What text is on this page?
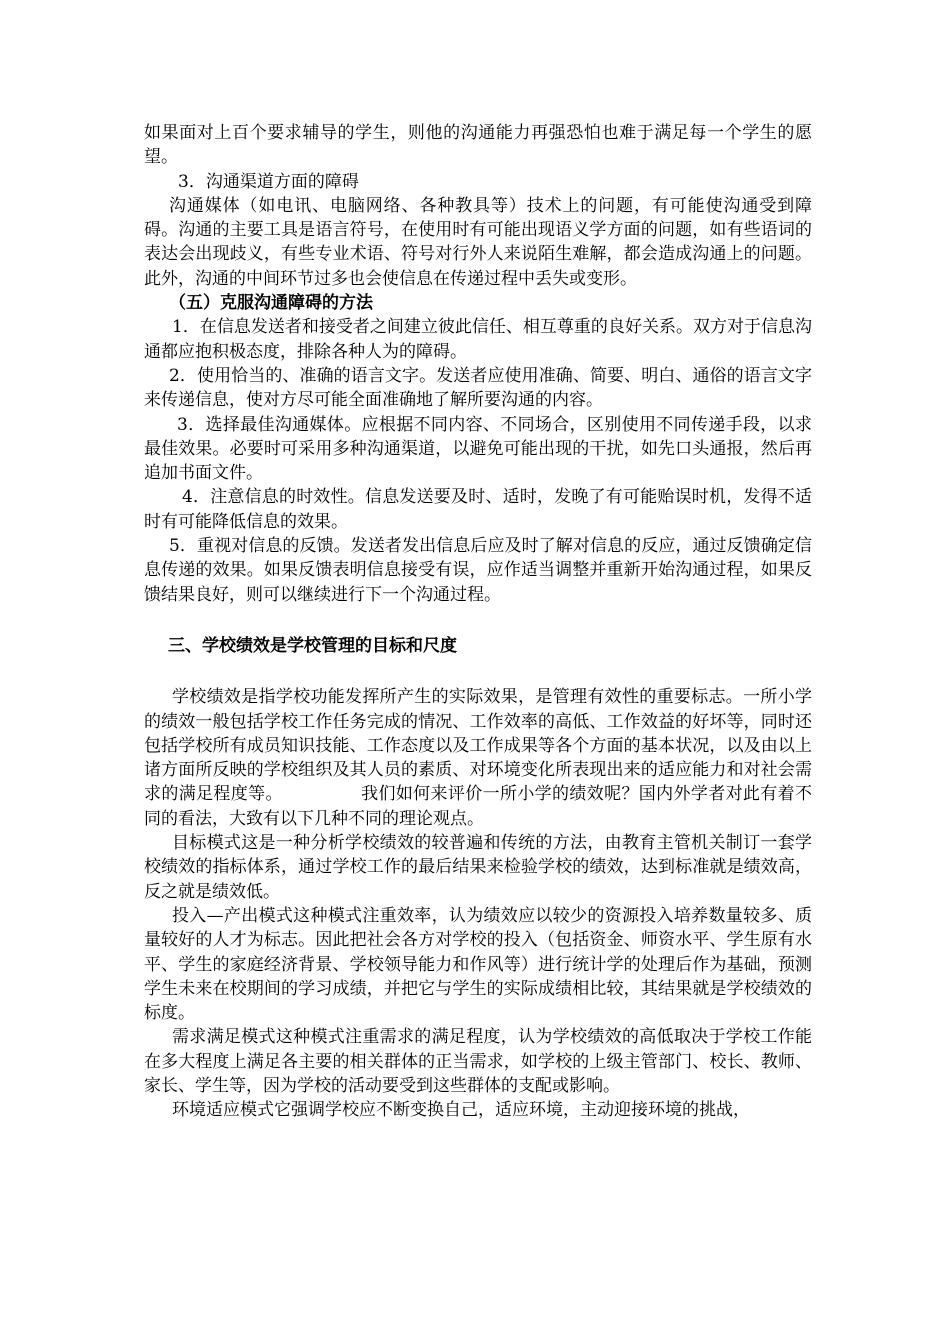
如果面对上百个要求辅导的学生，则他的沟通能力再强恐怕也难于满足每一个学生的愿望。

3．沟通渠道方面的障碍

沟通媒体（如电讯、电脑网络、各种教具等）技术上的问题，有可能使沟通受到障碍。沟通的主要工具是语言符号，在使用时有可能出现语义学方面的问题，如有些语词的表达会出现歧义，有些专业术语、符号对行外人来说陌生难解，都会造成沟通上的问题。此外，沟通的中间环节过多也会使信息在传递过程中丢失或变形。

（五）克服沟通障碍的方法

1．在信息发送者和接受者之间建立彼此信任、相互尊重的良好关系。双方对于信息沟通都应抱积极态度，排除各种人为的障碍。

2．使用恰当的、准确的语言文字。发送者应使用准确、简要、明白、通俗的语言文字来传递信息，使对方尽可能全面准确地了解所要沟通的内容。

3．选择最佳沟通媒体。应根据不同内容、不同场合，区别使用不同传递手段，以求最佳效果。必要时可采用多种沟通渠道，以避免可能出现的干扰，如先口头通报，然后再追加书面文件。

4．注意信息的时效性。信息发送要及时、适时，发晚了有可能贻误时机，发得不适时有可能降低信息的效果。

5．重视对信息的反馈。发送者发出信息后应及时了解对信息的反应，通过反馈确定信息传递的效果。如果反馈表明信息接受有误，应作适当调整并重新开始沟通过程，如果反馈结果良好，则可以继续进行下一个沟通过程。

三、学校绩效是学校管理的目标和尺度

学校绩效是指学校功能发挥所产生的实际效果，是管理有效性的重要标志。一所小学的绩效一般包括学校工作任务完成的情况、工作效率的高低、工作效益的好坏等，同时还包括学校所有成员知识技能、工作态度以及工作成果等各个方面的基本状况，以及由以上诸方面所反映的学校组织及其人员的素质、对环境变化所表现出来的适应能力和对社会需求的满足程度等。　　　　　我们如何来评价一所小学的绩效呢？国内外学者对此有着不同的看法，大致有以下几种不同的理论观点。

目标模式这是一种分析学校绩效的较普遍和传统的方法，由教育主管机关制订一套学校绩效的指标体系，通过学校工作的最后结果来检验学校的绩效，达到标准就是绩效高，反之就是绩效低。

投入—产出模式这种模式注重效率，认为绩效应以较少的资源投入培养数量较多、质量较好的人才为标志。因此把社会各方对学校的投入（包括资金、师资水平、学生原有水平、学生的家庭经济背景、学校领导能力和作风等）进行统计学的处理后作为基础，预测学生未来在校期间的学习成绩，并把它与学生的实际成绩相比较，其结果就是学校绩效的标度。

需求满足模式这种模式注重需求的满足程度，认为学校绩效的高低取决于学校工作能在多大程度上满足各主要的相关群体的正当需求，如学校的上级主管部门、校长、教师、家长、学生等，因为学校的活动要受到这些群体的支配或影响。

环境适应模式它强调学校应不断变换自己，适应环境，主动迎接环境的挑战，
